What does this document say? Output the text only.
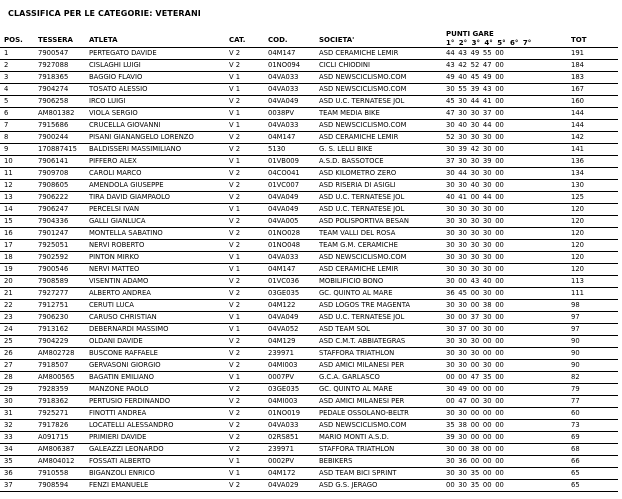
CLASSIFICA PER LE CATEGORIE: VETERANI
POS. TESSERA ATLETA	CAT.	COD.	SOCIETA'
PUNTI GARE
1° 2° 3° 4° 5° 6° 7°	TOT
1	7900547	PERTEGATO DAVIDE	V 2	04M147	ASD CERAMICHE LEMIR	44 43 49 55 00	191
2	7927088	CISLAGHI LUIGI	V 2	01NO094	CICLI CHIODINI	43 42 52 47 00	184
3	7918365	BAGGIO FLAVIO	V 1	04VA033	ASD NEWSCICLISMO.COM	49 40 45 49 00	183
4	7904274	TOSATO ALESSIO	V 1	04VA033	ASD NEWSCICLISMO.COM	30 55 39 43 00	167
5	7906258	IRCO LUIGI	V 2	04VA049	ASD U.C. TERNATESE JOL	45 30 44 41 00	160
6	AM801382	VIOLA SERGIO	V 1	0038PV	TEAM MEDIA BIKE	47 30 30 37 00	144
7	7915686	CRUCELLA GIOVANNI	V 1	04VA033	ASD NEWSCICLISMO.COM	30 40 30 44 00	144
8	7900244	PISANI GIANANGELO LORENZO	V 2	04M147	ASD CERAMICHE LEMIR	52 30 30 30 00	142
9	170887415	BALDISSERI MASSIMILIANO	V 2	5130	G. S. LELLI BIKE	30 39 42 30 00	141
10	7906141	PIFFERO ALEX	V 1	01VB009	A.S.D. BASSOTOCE	37 30 30 39 00	136
11	7909708	CAROLI MARCO	V 2	04CO041	ASD KILOMETRO ZERO	30 44 30 30 00	134
12	7908605	AMENDOLA GIUSEPPE	V 2	01VC007	ASD RISERIA DI ASIGLI	30 30 40 30 00	130
13	7906222	TIRA DAVID GIAMPAOLO	V 2	04VA049	ASD U.C. TERNATESE JOL	40 41 00 44 00	125
14	7906247	PERCELSI IVAN	V 1	04VA049	ASD U.C. TERNATESE JOL	30 30 30 30 00	120
15	7904336	GALLI GIANLUCA	V 2	04VA005	ASD POLISPORTIVA BESAN	30 30 30 30 00	120
16	7901247	MONTELLA SABATINO	V 2	01NO028	TEAM VALLI DEL ROSA	30 30 30 30 00	120
17	7925051	NERVI ROBERTO	V 2	01NO048	TEAM G.M. CERAMICHE	30 30 30 30 00	120
18	7902592	PINTON MIRKO	V 1	04VA033	ASD NEWSCICLISMO.COM	30 30 30 30 00	120
19	7900546	NERVI MATTEO	V 1	04M147	ASD CERAMICHE LEMIR	30 30 30 30 00	120
20	7908589	VISENTIN ADAMO	V 2	01VC036	MOBILIFICIO BONO	30 00 43 40 00	113
21	7927277	ALBERTO ANDREA	V 2	03GE035	GC. QUINTO AL MARE	36 45 00 30 00	111
22	7912751	CERUTI LUCA	V 2	04M122	ASD LOGOS TRE MAGENTA	30 30 00 38 00	98
23	7906230	CARUSO CHRISTIAN	V 1	04VA049	ASD U.C. TERNATESE JOL	30 00 37 30 00	97
24	7913162	DEBERNARDI MASSIMO	V 1	04VA052	ASD TEAM SOL	30 37 00 30 00	97
25	7904229	OLDANI DAVIDE	V 2	04M129	ASD C.M.T. ABBIATEGRAS	30 30 30 00 00	90
26	AM802728	BUSCONE RAFFAELE	V 2	239971	STAFFORA TRIATHLON	30 30 30 00 00	90
27	7918507	GERVASONI GIORGIO	V 2	04MI003	ASD AMICI MILANESI PER	30 30 00 30 00	90
28	AM800565	BAGATIN EMILIANO	V 1	0007PV	G.C.A. GARLASCO	00 00 47 35 00	82
29	7928359	MANZONE PAOLO	V 2	03GE035	GC. QUINTO AL MARE	30 49 00 00 00	79
30	7918362	PERTUSIO FERDINANDO	V 2	04MI003	ASD AMICI MILANESI PER	00 47 00 30 00	77
31	7925271	FINOTTI ANDREA	V 2	01NO019	PEDALE OSSOLANO-BELTR	30 30 00 00 00	60
32	7917826	LOCATELLI ALESSANDRO	V 2	04VA033	ASD NEWSCICLISMO.COM	35 38 00 00 00	73
33	A091715	PRIMIERI DAVIDE	V 2	02RS851	MARIO MONTI A.S.D.	39 30 00 00 00	69
34	AM806387	GALEAZZI LEONARDO	V 2	239971	STAFFORA TRIATHLON	30 00 38 00 00	68
35	AM804012	FOSSATI ALBERTO	V 1	0002PV	BEBIKERS	30 36 00 00 00	66
36	7910558	BIGANZOLI ENRICO	V 1	04M172	ASD TEAM BICI SPRINT	30 30 35 00 00	65
37	7908594	FENZI EMANUELE	V 2	04VA029	ASD G.S. JERAGO	00 30 35 00 00	65
